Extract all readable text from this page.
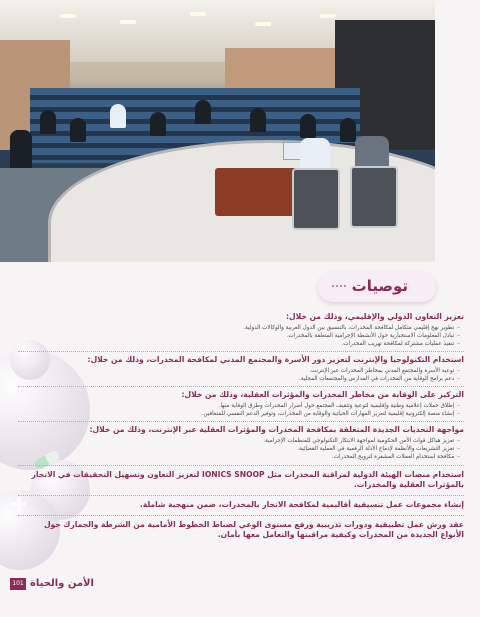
+
توصيات
تعزيز التعاون الدولي والإقليمي، وذلك من خلال:
– تطوير نهج إقليمي متكامل لمكافحة المخدرات، بالتنسيق بين الدول العربية والوكالات الدولية.
– تبادل المعلومات الاستخبارية حول الأنشطة الإجرامية المتعلقة بالمخدرات.
– تنفيذ عمليات مشتركة لمكافحة تهريب المخدرات.
استخدام التكنولوجيا والإنترنت لتعزيز دور الأسرة والمجتمع المدني لمكافحة المخدرات، وذلك من خلال:
– توعية الأسرة والمجتمع المدني بمخاطر المخدرات عبر الإنترنت.
– دعم برامج الوقاية من المخدرات في المدارس والمجتمعات المحلية.
التركيز على الوقاية من مخاطر المخدرات والمؤثرات العقلية، وذلك من خلال:
– إطلاق حملات إعلامية وطنية وإقليمية لتوعية وتثقيف المجتمع حول أضرار المخدرات وطرق الوقاية منها.
– إنشاء منصة إلكترونية إقليمية لتعزيز المهارات الحياتية والوقاية من المخدرات، وتوفير الدعم النفسي للمتعافين.
مواجهة التحديات الجديدة المتعلقة بمكافحة المخدرات والمؤثرات العقلية عبر الإنترنت، وذلك من خلال:
– تعزيز هياكل قوات الأمن الحكومية لمواجهة الابتكار التكنولوجي للمنظمات الإجرامية.
– تعزيز التشريعات والأنظمة لإدماج الأدلة الرقمية في العملية القضائية.
– مكافحة استخدام العملات المشفرة لترويج المخدرات.
استخدام منصات الهيئة الدولية لمراقبة المخدرات مثل IONICS SNOOP لتعزيز التعاون وتسهيل التحقيقات في الاتجار بالمؤثرات العقلية والمخدرات.
إنشاء مجموعات عمل تنسيقية أقاليمية لمكافحة الاتجار بالمخدرات، ضمن منهجية شاملة.
عقد ورش عمل تطبيقية ودورات تدريبية ورفع مستوى الوعي لضباط الخطوط الأمامية من الشرطة والجمارك حول الأنواع الجديدة من المخدرات وكيفية مراقبتها والتعامل معها بأمان.
101 الأمن والحياة
